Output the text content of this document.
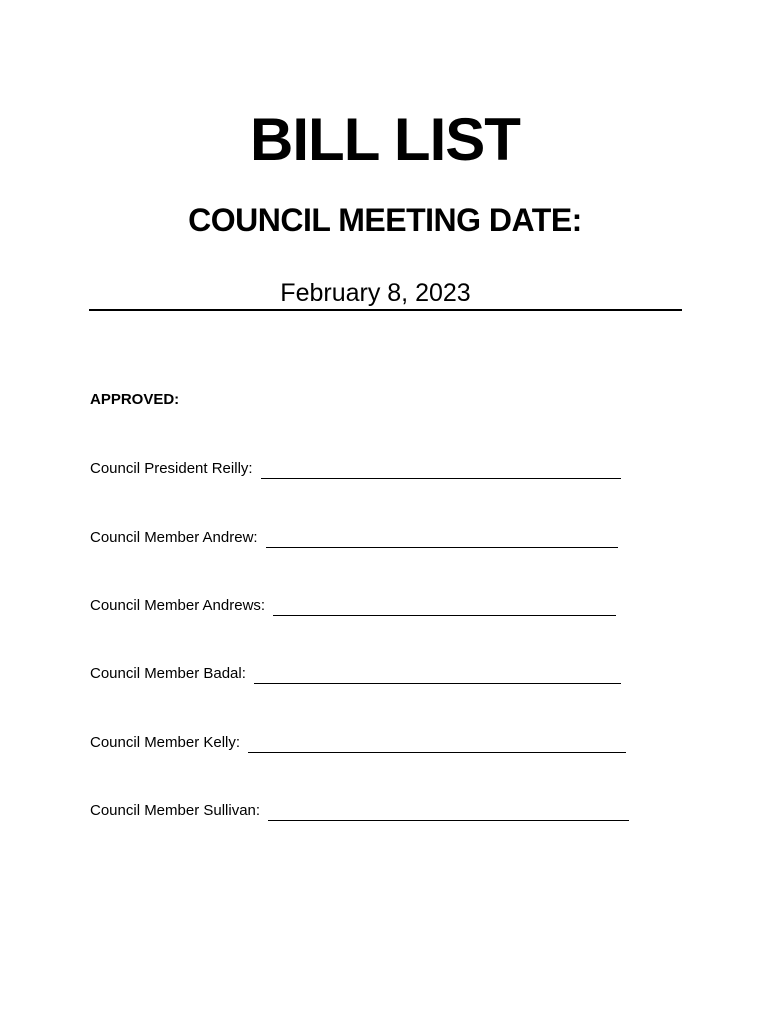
BILL LIST
COUNCIL MEETING DATE:
February 8, 2023
APPROVED:
Council President Reilly:
Council Member Andrew:
Council Member Andrews:
Council Member Badal:
Council Member Kelly:
Council Member Sullivan:
